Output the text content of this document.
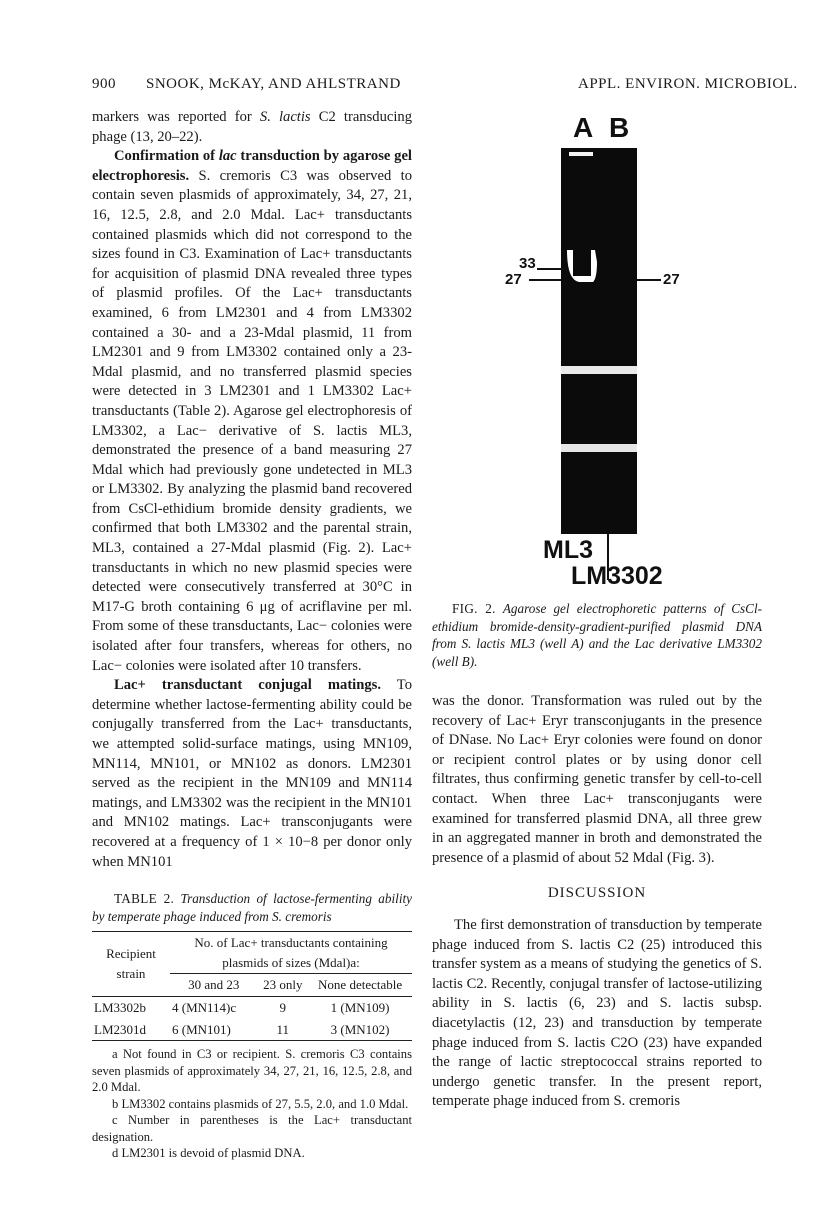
900 SNOOK, McKAY, AND AHLSTRAND	APPL. ENVIRON. MICROBIOL.

markers was reported for S. lactis C2 transducing phage (13, 20–22).

Confirmation of lac transduction by agarose gel electrophoresis. S. cremoris C3 was observed to contain seven plasmids of approximately, 34, 27, 21, 16, 12.5, 2.8, and 2.0 Mdal. Lac+ transductants contained plasmids which did not correspond to the sizes found in C3. Examination of Lac+ transductants for acquisition of plasmid DNA revealed three types of plasmid profiles. Of the Lac+ transductants examined, 6 from LM2301 and 4 from LM3302 contained a 30- and a 23-Mdal plasmid, 11 from LM2301 and 9 from LM3302 contained only a 23-Mdal plasmid, and no transferred plasmid species were detected in 3 LM2301 and 1 LM3302 Lac+ transductants (Table 2). Agarose gel electrophoresis of LM3302, a Lac− derivative of S. lactis ML3, demonstrated the presence of a band measuring 27 Mdal which had previously gone undetected in ML3 or LM3302. By analyzing the plasmid band recovered from CsCl-ethidium bromide density gradients, we confirmed that both LM3302 and the parental strain, ML3, contained a 27-Mdal plasmid (Fig. 2). Lac+ transductants in which no new plasmid species were detected were consecutively transferred at 30°C in M17-G broth containing 6 μg of acriflavine per ml. From some of these transductants, Lac− colonies were isolated after four transfers, whereas for others, no Lac− colonies were isolated after 10 transfers.

Lac+ transductant conjugal matings. To determine whether lactose-fermenting ability could be conjugally transferred from the Lac+ transductants, we attempted solid-surface matings, using MN109, MN114, MN101, or MN102 as donors. LM2301 served as the recipient in the MN109 and MN114 matings, and LM3302 was the recipient in the MN101 and MN102 matings. Lac+ transconjugants were recovered at a frequency of 1 × 10−8 per donor only when MN101

TABLE 2. Transduction of lactose-fermenting ability by temperate phage induced from S. cremoris
Recipient strain	No. of Lac+ transductants containing plasmids of sizes (Mdal)a:		
	30 and 23	23 only	None detectable
LM3302b	4 (MN114)c	9	1 (MN109)
LM2301d	6 (MN101)	11	3 (MN102)

a Not found in C3 or recipient. S. cremoris C3 contains seven plasmids of approximately 34, 27, 21, 16, 12.5, 2.8, and 2.0 Mdal.

b LM3302 contains plasmids of 27, 5.5, 2.0, and 1.0 Mdal.

c Number in parentheses is the Lac+ transductant designation.

d LM2301 is devoid of plasmid DNA.

A B
33
27	27
ML3
LM3302
FIG. 2. Agarose gel electrophoretic patterns of CsCl-ethidium bromide-density-gradient-purified plasmid DNA from S. lactis ML3 (well A) and the Lac derivative LM3302 (well B).

was the donor. Transformation was ruled out by the recovery of Lac+ Eryr transconjugants in the presence of DNase. No Lac+ Eryr colonies were found on donor or recipient control plates or by using donor cell filtrates, thus confirming genetic transfer by cell-to-cell contact. When three Lac+ transconjugants were examined for transferred plasmid DNA, all three grew in an aggregated manner in broth and demonstrated the presence of a plasmid of about 52 Mdal (Fig. 3).

DISCUSSION

The first demonstration of transduction by temperate phage induced from S. lactis C2 (25) introduced this transfer system as a means of studying the genetics of S. lactis C2. Recently, conjugal transfer of lactose-utilizing ability in S. lactis (6, 23) and S. lactis subsp. diacetylactis (12, 23) and transduction by temperate phage induced from S. lactis C2O (23) have expanded the range of lactic streptococcal strains reported to undergo genetic transfer. In the present report, temperate phage induced from S. cremoris
